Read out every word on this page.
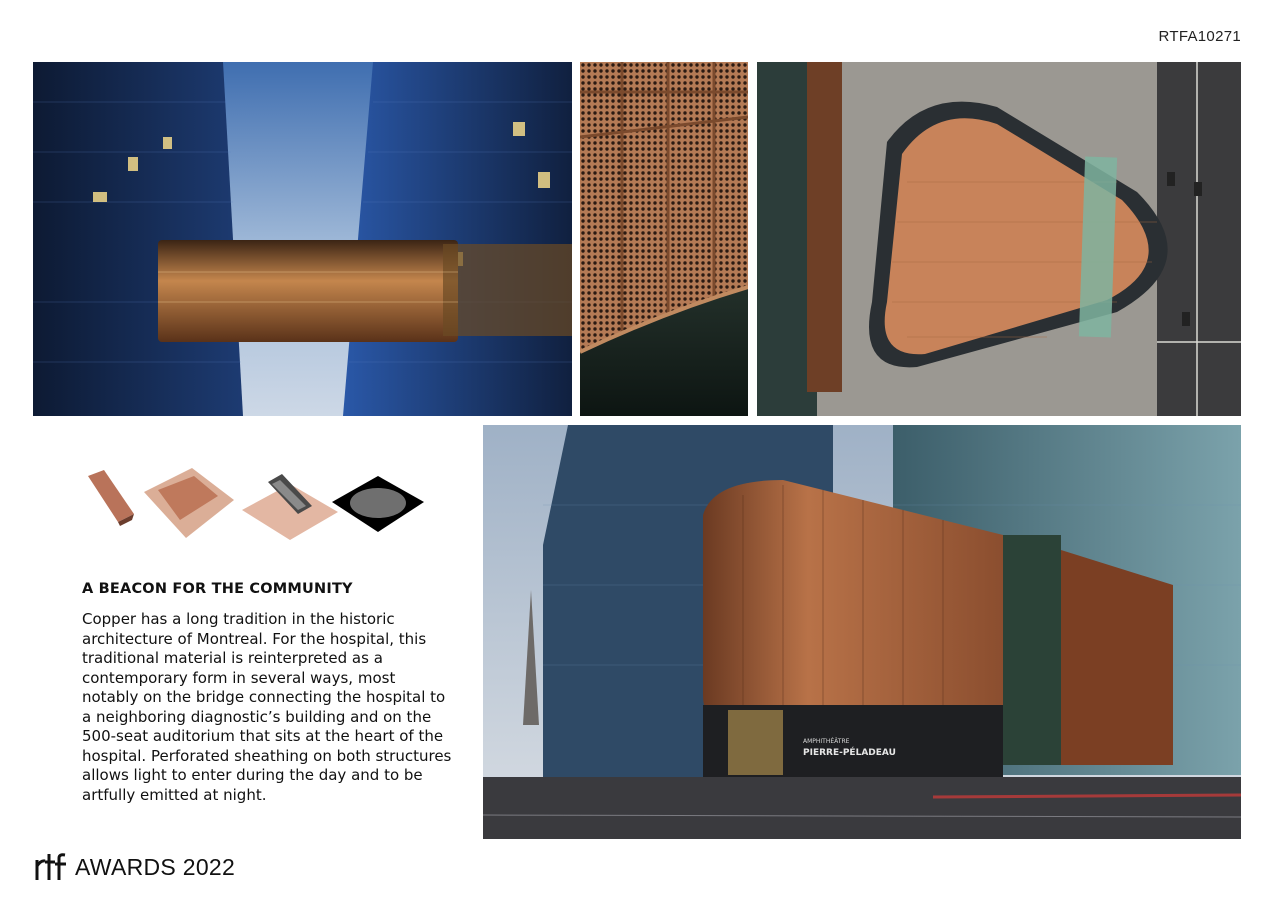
RTFA10271
A BEACON FOR THE COMMUNITY
Copper has a long tradition in the historic architecture of Montreal. For the hospital, this traditional material is reinterpreted as a contemporary form in several ways, most notably on the bridge connecting the hospital to a neighboring diagnostic’s building and on the 500-seat auditorium that sits at the heart of the hospital. Perforated sheathing on both structures allows light to enter during the day and to be artfully emitted at night.
AMPHITHÉÂTRE
PIERRE-PÉLADEAU
AWARDS 2022
